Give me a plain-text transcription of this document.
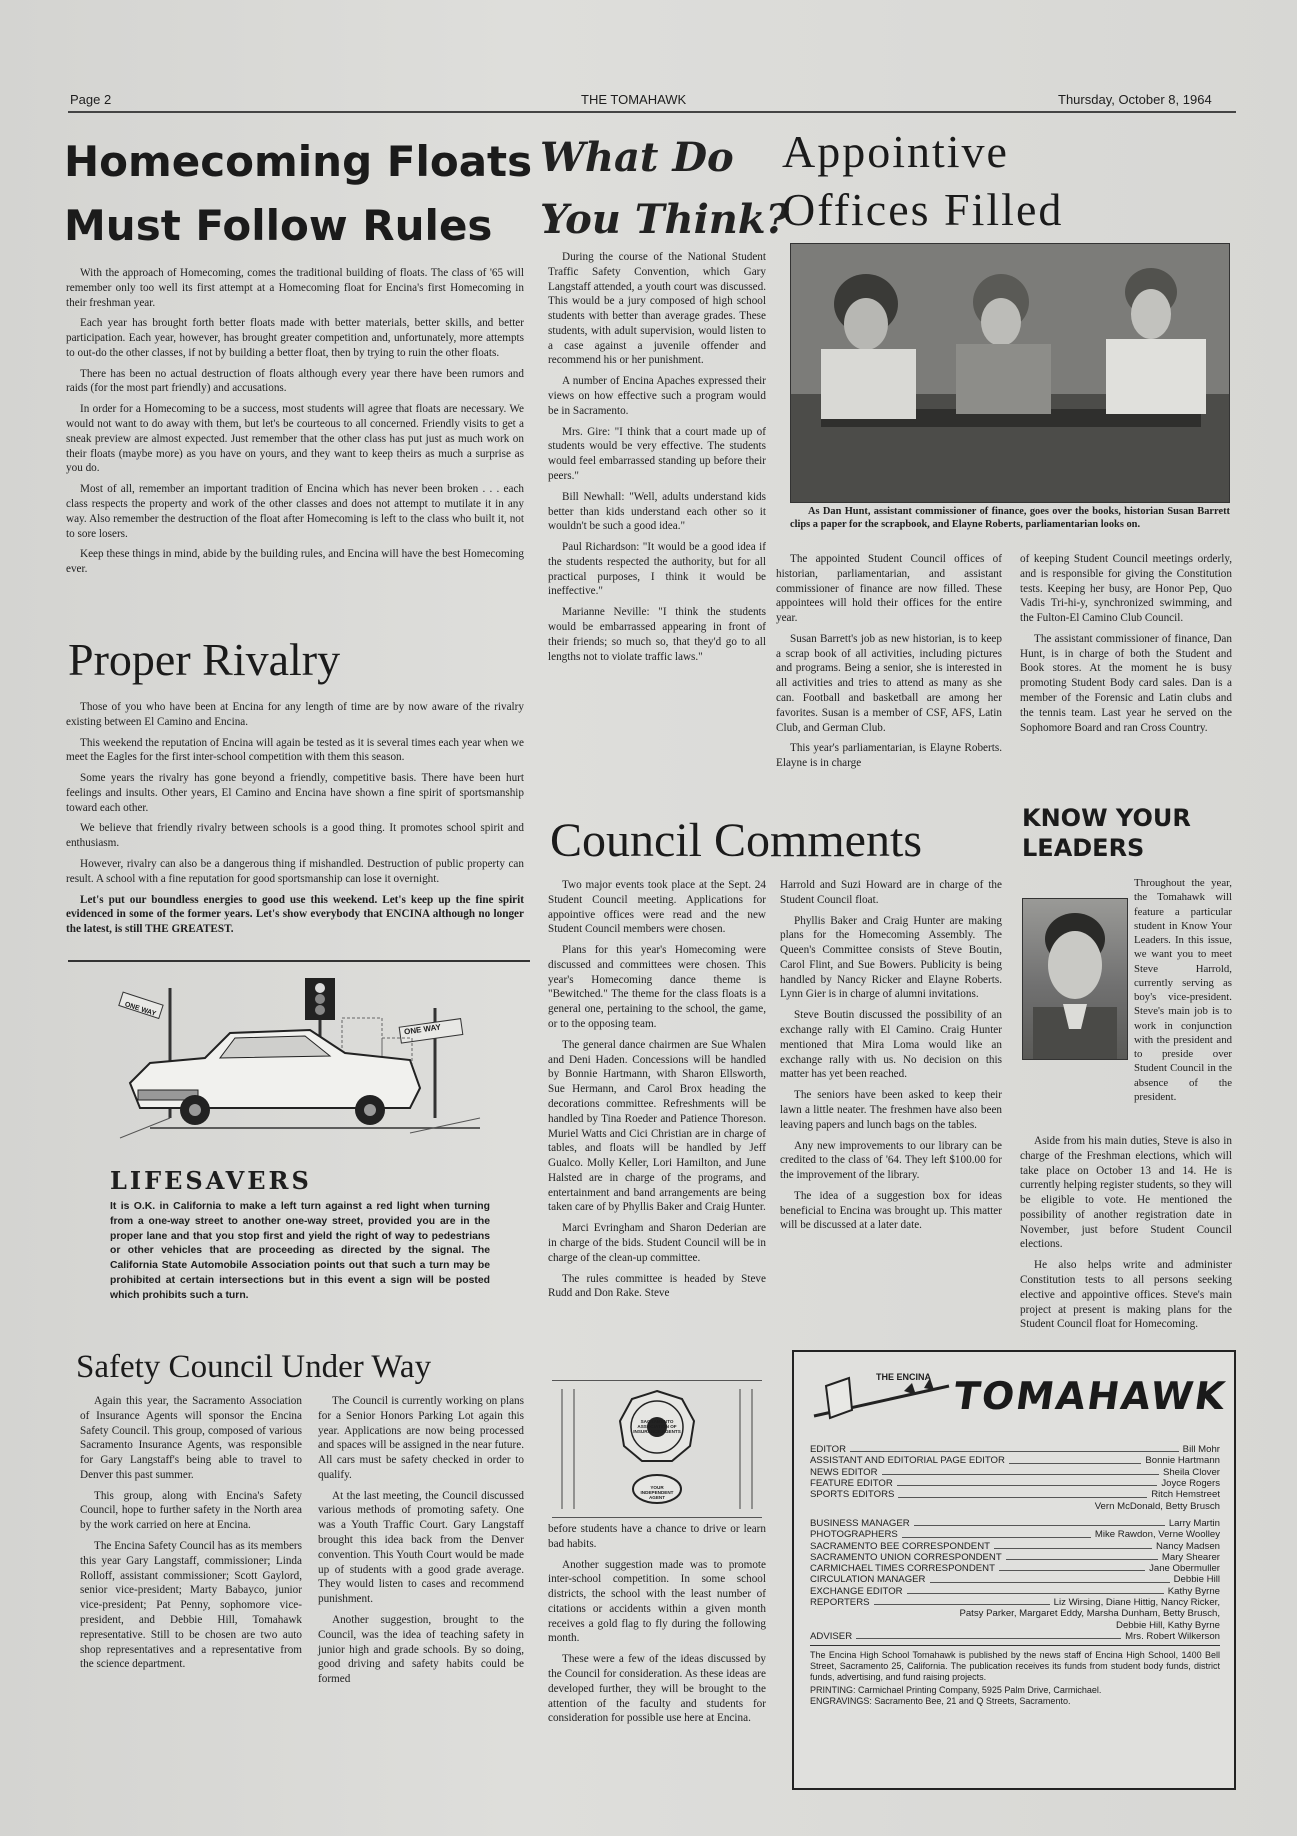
Page 2	THE TOMAHAWK	Thursday, October 8, 1964
Homecoming Floats
Must Follow Rules

With the approach of Homecoming, comes the traditional building of floats. The class of '65 will remember only too well its first attempt at a Homecoming float for Encina's first Homecoming in their freshman year.

Each year has brought forth better floats made with better materials, better skills, and better participation. Each year, however, has brought greater competition and, unfortunately, more attempts to out-do the other classes, if not by building a better float, then by trying to ruin the other floats.

There has been no actual destruction of floats although every year there have been rumors and raids (for the most part friendly) and accusations.

In order for a Homecoming to be a success, most students will agree that floats are necessary. We would not want to do away with them, but let's be courteous to all concerned. Friendly visits to get a sneak preview are almost expected. Just remember that the other class has put just as much work on their floats (maybe more) as you have on yours, and they want to keep theirs as much a surprise as you do.

Most of all, remember an important tradition of Encina which has never been broken . . . each class respects the property and work of the other classes and does not attempt to mutilate it in any way. Also remember the destruction of the float after Homecoming is left to the class who built it, not to sore losers.

Keep these things in mind, abide by the building rules, and Encina will have the best Homecoming ever.

Proper Rivalry

Those of you who have been at Encina for any length of time are by now aware of the rivalry existing between El Camino and Encina.

This weekend the reputation of Encina will again be tested as it is several times each year when we meet the Eagles for the first inter-school competition with them this season.

Some years the rivalry has gone beyond a friendly, competitive basis. There have been hurt feelings and insults. Other years, El Camino and Encina have shown a fine spirit of sportsmanship toward each other.

We believe that friendly rivalry between schools is a good thing. It promotes school spirit and enthusiasm.

However, rivalry can also be a dangerous thing if mishandled. Destruction of public property can result. A school with a fine reputation for good sportsmanship can lose it overnight.

Let's put our boundless energies to good use this weekend. Let's keep up the fine spirit evidenced in some of the former years. Let's show everybody that ENCINA although no longer the latest, is still THE GREATEST.

ONE WAY
ONE WAY
LIFESAVERS
It is O.K. in California to make a left turn against a red light when turning from a one-way street to another one-way street, provided you are in the proper lane and that you stop first and yield the right of way to pedestrians or other vehicles that are proceeding as directed by the signal. The California State Automobile Association points out that such a turn may be prohibited at certain intersections but in this event a sign will be posted which prohibits such a turn.
Safety Council Under Way

Again this year, the Sacramento Association of Insurance Agents will sponsor the Encina Safety Council. This group, composed of various Sacramento Insurance Agents, was responsible for Gary Langstaff's being able to travel to Denver this past summer.

This group, along with Encina's Safety Council, hope to further safety in the North area by the work carried on here at Encina.

The Encina Safety Council has as its members this year Gary Langstaff, commissioner; Linda Rolloff, assistant commissioner; Scott Gaylord, senior vice-president; Marty Babayco, junior vice-president; Pat Penny, sophomore vice-president, and Debbie Hill, Tomahawk representative. Still to be chosen are two auto shop representatives and a representative from the science department.

The Council is currently working on plans for a Senior Honors Parking Lot again this year. Applications are now being processed and spaces will be assigned in the near future. All cars must be safety checked in order to qualify.

At the last meeting, the Council discussed various methods of promoting safety. One was a Youth Traffic Court. Gary Langstaff brought this idea back from the Denver convention. This Youth Court would be made up of students with a good grade average. They would listen to cases and recommend punishment.

Another suggestion, brought to the Council, was the idea of teaching safety in junior high and grade schools. By so doing, good driving and safety habits could be formed

What Do
You Think?

During the course of the National Student Traffic Safety Convention, which Gary Langstaff attended, a youth court was discussed. This would be a jury composed of high school students with better than average grades. These students, with adult supervision, would listen to a case against a juvenile offender and recommend his or her punishment.

A number of Encina Apaches expressed their views on how effective such a program would be in Sacramento.

Mrs. Gire: "I think that a court made up of students would be very effective. The students would feel embarrassed standing up before their peers."

Bill Newhall: "Well, adults understand kids better than kids understand each other so it wouldn't be such a good idea."

Paul Richardson: "It would be a good idea if the students respected the authority, but for all practical purposes, I think it would be ineffective."

Marianne Neville: "I think the students would be embarrassed appearing in front of their friends; so much so, that they'd go to all lengths not to violate traffic laws."

Appointive
Offices Filled
As Dan Hunt, assistant commissioner of finance, goes over the books, historian Susan Barrett clips a paper for the scrapbook, and Elayne Roberts, parliamentarian looks on.

The appointed Student Council offices of historian, parliamentarian, and assistant commissioner of finance are now filled. These appointees will hold their offices for the entire year.

Susan Barrett's job as new historian, is to keep a scrap book of all activities, including pictures and programs. Being a senior, she is interested in all activities and tries to attend as many as she can. Football and basketball are among her favorites. Susan is a member of CSF, AFS, Latin Club, and German Club.

This year's parliamentarian, is Elayne Roberts. Elayne is in charge

of keeping Student Council meetings orderly, and is responsible for giving the Constitution tests. Keeping her busy, are Honor Pep, Quo Vadis Tri-hi-y, synchronized swimming, and the Fulton-El Camino Club Council.

The assistant commissioner of finance, Dan Hunt, is in charge of both the Student and Book stores. At the moment he is busy promoting Student Body card sales. Dan is a member of the Forensic and Latin clubs and the tennis team. Last year he served on the Sophomore Board and ran Cross Country.

Council Comments

Two major events took place at the Sept. 24 Student Council meeting. Applications for appointive offices were read and the new Student Council members were chosen.

Plans for this year's Homecoming were discussed and committees were chosen. This year's Homecoming dance theme is "Bewitched." The theme for the class floats is a general one, pertaining to the school, the game, or to the opposing team.

The general dance chairmen are Sue Whalen and Deni Haden. Concessions will be handled by Bonnie Hartmann, with Sharon Ellsworth, Sue Hermann, and Carol Brox heading the decorations committee. Refreshments will be handled by Tina Roeder and Patience Thoreson. Muriel Watts and Cici Christian are in charge of tables, and floats will be handled by Jeff Gualco. Molly Keller, Lori Hamilton, and June Halsted are in charge of the programs, and entertainment and band arrangements are being taken care of by Phyllis Baker and Craig Hunter.

Marci Evringham and Sharon Dederian are in charge of the bids. Student Council will be in charge of the clean-up committee.

The rules committee is headed by Steve Rudd and Don Rake. Steve

Harrold and Suzi Howard are in charge of the Student Council float.

Phyllis Baker and Craig Hunter are making plans for the Homecoming Assembly. The Queen's Committee consists of Steve Boutin, Carol Flint, and Sue Bowers. Publicity is being handled by Nancy Ricker and Elayne Roberts. Lynn Gier is in charge of alumni invitations.

Steve Boutin discussed the possibility of an exchange rally with El Camino. Craig Hunter mentioned that Mira Loma would like an exchange rally with us. No decision on this matter has yet been reached.

The seniors have been asked to keep their lawn a little neater. The freshmen have also been leaving papers and lunch bags on the tables.

Any new improvements to our library can be credited to the class of '64. They left $100.00 for the improvement of the library.

The idea of a suggestion box for ideas beneficial to Encina was brought up. This matter will be discussed at a later date.

SACRAMENTO ASSOCIATION OF INSURANCE AGENTS
YOUR INDEPENDENT AGENT

before students have a chance to drive or learn bad habits.

Another suggestion made was to promote inter-school competition. In some school districts, the school with the least number of citations or accidents within a given month receives a gold flag to fly during the following month.

These were a few of the ideas discussed by the Council for consideration. As these ideas are developed further, they will be brought to the attention of the faculty and students for consideration for possible use here at Encina.

KNOW YOUR
LEADERS
Throughout the year, the Tomahawk will feature a particular student in Know Your Leaders. In this issue, we want you to meet Steve Harrold, currently serving as boy's vice-president. Steve's main job is to work in conjunction with the president and to preside over Student Council in the absence of the president.

Aside from his main duties, Steve is also in charge of the Freshman elections, which will take place on October 13 and 14. He is currently helping register students, so they will be eligible to vote. He mentioned the possibility of another registration date in November, just before Student Council elections.

He also helps write and administer Constitution tests to all persons seeking elective and appointive offices. Steve's main project at present is making plans for the Student Council float for Homecoming.

THE ENCINA TOMAHAWK
EDITOR	Bill Mohr
ASSISTANT AND EDITORIAL PAGE EDITOR	Bonnie Hartmann
NEWS EDITOR	Sheila Clover
FEATURE EDITOR	Joyce Rogers
SPORTS EDITORS	Ritch Hemstreet
Vern McDonald, Betty Brusch
BUSINESS MANAGER	Larry Martin
PHOTOGRAPHERS	Mike Rawdon, Verne Woolley
SACRAMENTO BEE CORRESPONDENT	Nancy Madsen
SACRAMENTO UNION CORRESPONDENT	Mary Shearer
CARMICHAEL TIMES CORRESPONDENT	Jane Obermuller
CIRCULATION MANAGER	Debbie Hill
EXCHANGE EDITOR	Kathy Byrne
REPORTERS	Liz Wirsing, Diane Hittig, Nancy Ricker,
Patsy Parker, Margaret Eddy, Marsha Dunham, Betty Brusch, Debbie Hill, Kathy Byrne
ADVISER	Mrs. Robert Wilkerson
The Encina High School Tomahawk is published by the news staff of Encina High School, 1400 Bell Street, Sacramento 25, California. The publication receives its funds from student body funds, district funds, advertising, and fund raising projects.
PRINTING: Carmichael Printing Company, 5925 Palm Drive, Carmichael.
ENGRAVINGS: Sacramento Bee, 21 and Q Streets, Sacramento.
